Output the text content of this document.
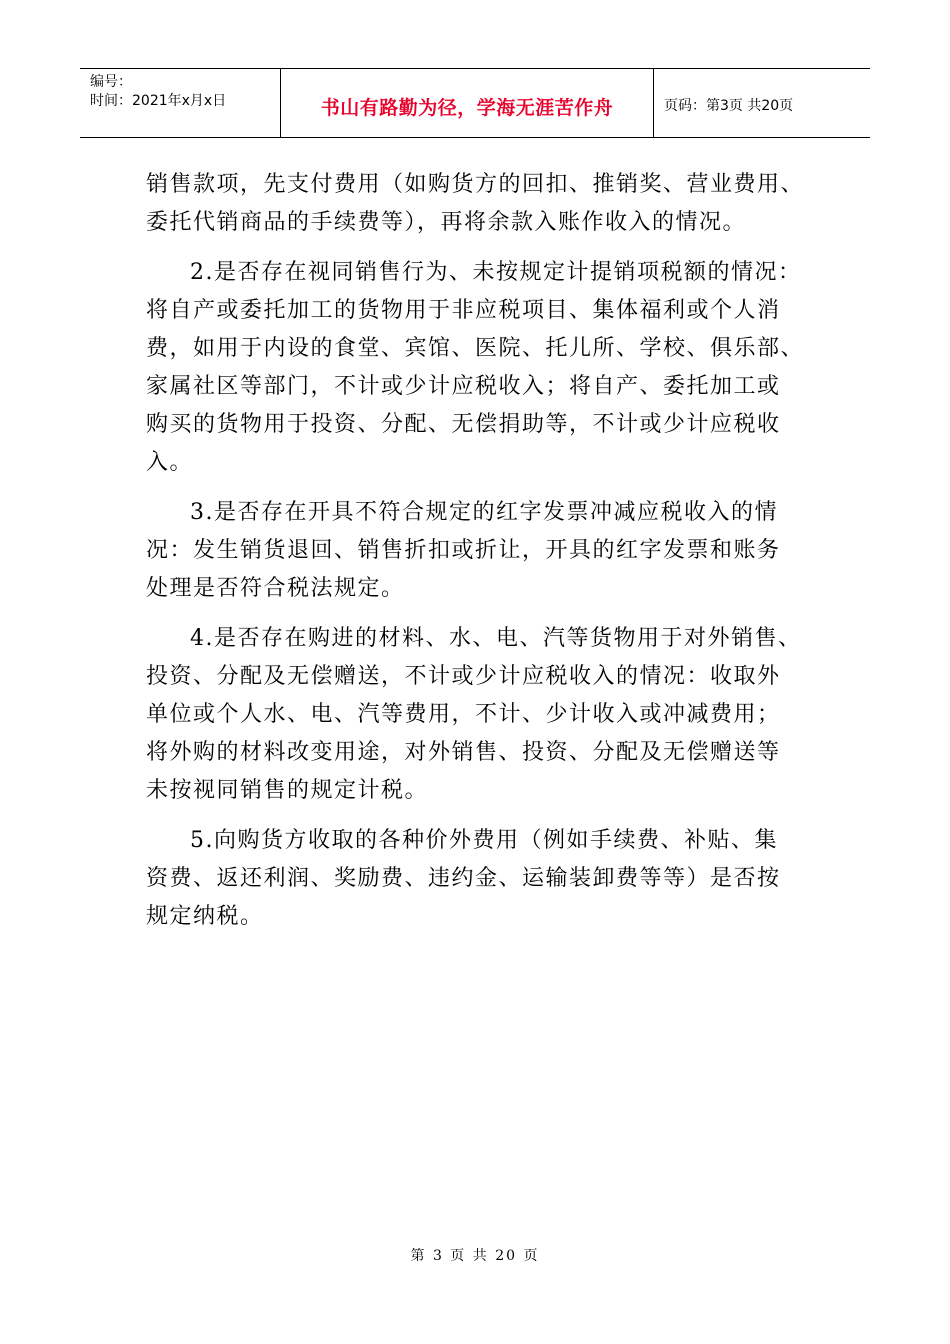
编号：
时间：2021年x月x日	书山有路勤为径，学海无涯苦作舟	页码：第3页 共20页
销售款项，先支付费用（如购货方的回扣、推销奖、营业费用、
委托代销商品的手续费等），再将余款入账作收入的情况。
2.是否存在视同销售行为、未按规定计提销项税额的情况：
将自产或委托加工的货物用于非应税项目、集体福利或个人消
费，如用于内设的食堂、宾馆、医院、托儿所、学校、俱乐部、
家属社区等部门，不计或少计应税收入；将自产、委托加工或
购买的货物用于投资、分配、无偿捐助等，不计或少计应税收
入。
3.是否存在开具不符合规定的红字发票冲减应税收入的情
况：发生销货退回、销售折扣或折让，开具的红字发票和账务
处理是否符合税法规定。
4.是否存在购进的材料、水、电、汽等货物用于对外销售、
投资、分配及无偿赠送，不计或少计应税收入的情况：收取外
单位或个人水、电、汽等费用，不计、少计收入或冲减费用；
将外购的材料改变用途，对外销售、投资、分配及无偿赠送等
未按视同销售的规定计税。
5.向购货方收取的各种价外费用（例如手续费、补贴、集
资费、返还利润、奖励费、违约金、运输装卸费等等）是否按
规定纳税。
第 3 页 共 20 页
